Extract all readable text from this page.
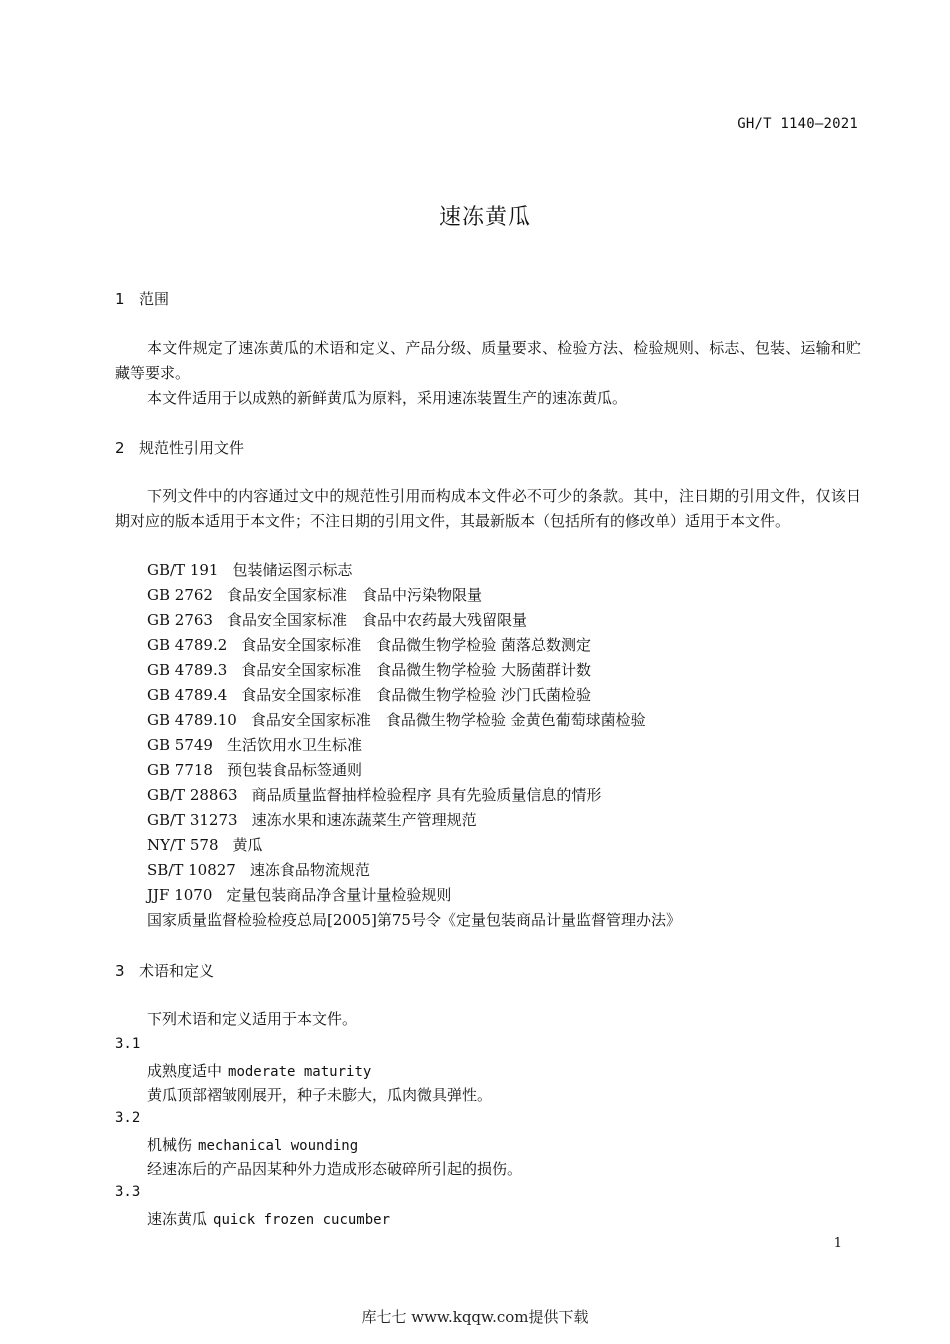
GH/T 1140—2021
速冻黄瓜
1 范围

本文件规定了速冻黄瓜的术语和定义、产品分级、质量要求、检验方法、检验规则、标志、包装、运输和贮藏等要求。

本文件适用于以成熟的新鲜黄瓜为原料，采用速冻装置生产的速冻黄瓜。

2 规范性引用文件

下列文件中的内容通过文中的规范性引用而构成本文件必不可少的条款。其中，注日期的引用文件，仅该日期对应的版本适用于本文件；不注日期的引用文件，其最新版本（包括所有的修改单）适用于本文件。

GB/T 191 包装储运图示标志
GB 2762 食品安全国家标准　食品中污染物限量
GB 2763 食品安全国家标准　食品中农药最大残留限量
GB 4789.2 食品安全国家标准　食品微生物学检验 菌落总数测定
GB 4789.3 食品安全国家标准　食品微生物学检验 大肠菌群计数
GB 4789.4 食品安全国家标准　食品微生物学检验 沙门氏菌检验
GB 4789.10 食品安全国家标准　食品微生物学检验 金黄色葡萄球菌检验
GB 5749 生活饮用水卫生标准
GB 7718 预包装食品标签通则
GB/T 28863 商品质量监督抽样检验程序 具有先验质量信息的情形
GB/T 31273 速冻水果和速冻蔬菜生产管理规范
NY/T 578 黄瓜
SB/T 10827 速冻食品物流规范
JJF 1070 定量包装商品净含量计量检验规则
国家质量监督检验检疫总局[2005]第75号令《定量包装商品计量监督管理办法》
3 术语和定义

下列术语和定义适用于本文件。

3.1
成熟度适中 moderate maturity
黄瓜顶部褶皱刚展开，种子未膨大，瓜肉微具弹性。
3.2
机械伤 mechanical wounding
经速冻后的产品因某种外力造成形态破碎所引起的损伤。
3.3
速冻黄瓜 quick frozen cucumber
1
库七七 www.kqqw.com提供下载
